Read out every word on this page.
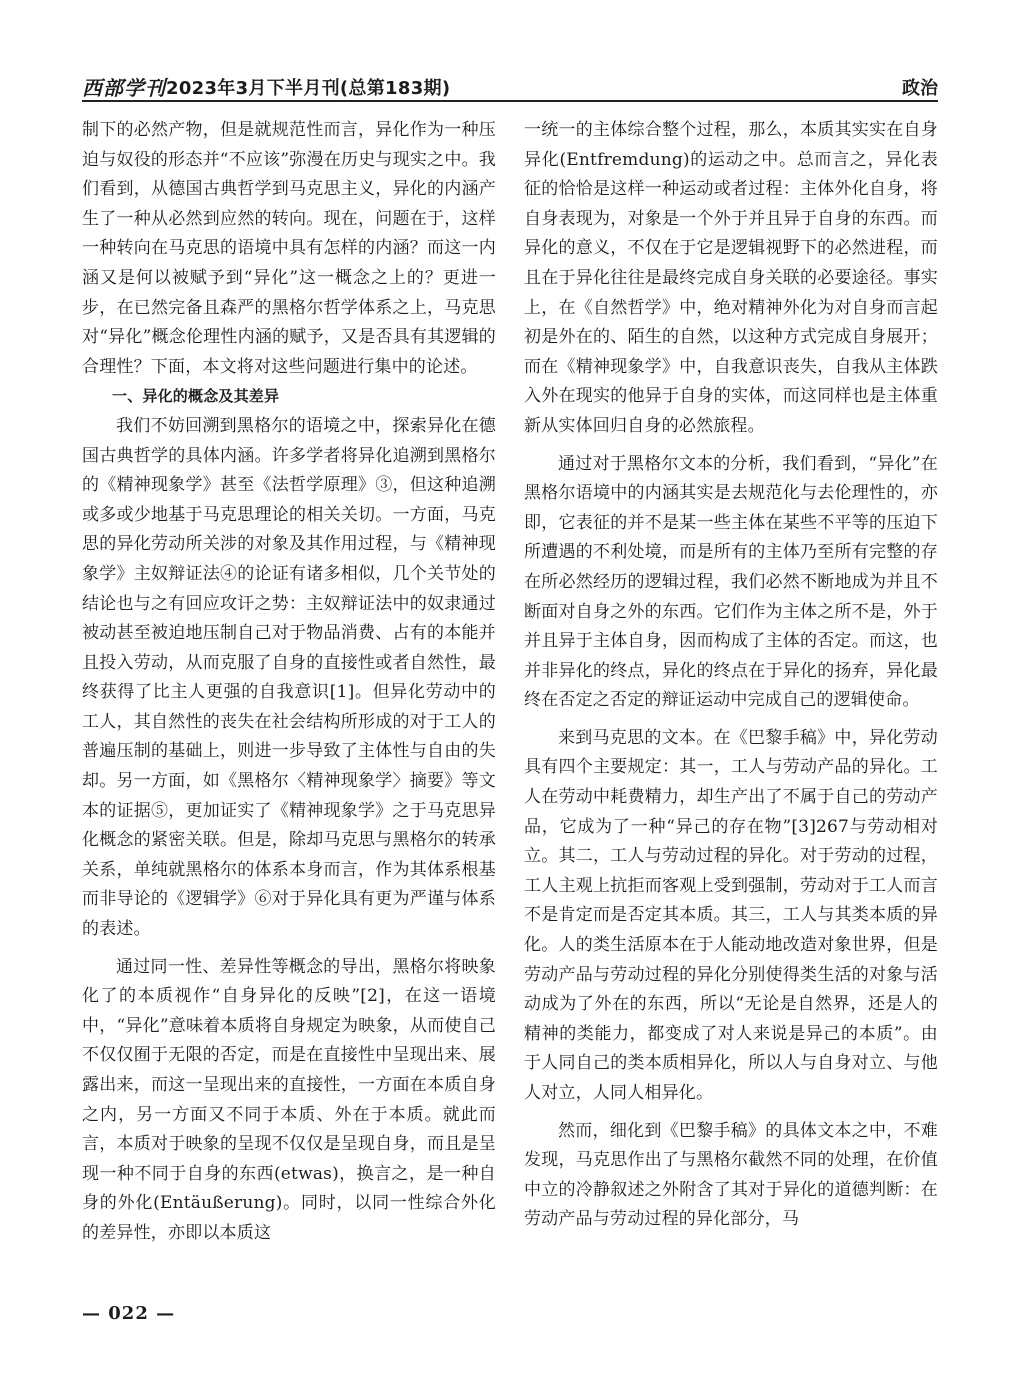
西部学刊 2023年3月下半月刊(总第183期)	政治

制下的必然产物，但是就规范性而言，异化作为一种压迫与奴役的形态并“不应该”弥漫在历史与现实之中。我们看到，从德国古典哲学到马克思主义，异化的内涵产生了一种从必然到应然的转向。现在，问题在于，这样一种转向在马克思的语境中具有怎样的内涵？而这一内涵又是何以被赋予到“异化”这一概念之上的？更进一步，在已然完备且森严的黑格尔哲学体系之上，马克思对“异化”概念伦理性内涵的赋予，又是否具有其逻辑的合理性？下面，本文将对这些问题进行集中的论述。

一、异化的概念及其差异

我们不妨回溯到黑格尔的语境之中，探索异化在德国古典哲学的具体内涵。许多学者将异化追溯到黑格尔的《精神现象学》甚至《法哲学原理》③，但这种追溯或多或少地基于马克思理论的相关关切。一方面，马克思的异化劳动所关涉的对象及其作用过程，与《精神现象学》主奴辩证法④的论证有诸多相似，几个关节处的结论也与之有回应攻讦之势：主奴辩证法中的奴隶通过被动甚至被迫地压制自己对于物品消费、占有的本能并且投入劳动，从而克服了自身的直接性或者自然性，最终获得了比主人更强的自我意识[1]。但异化劳动中的工人，其自然性的丧失在社会结构所形成的对于工人的普遍压制的基础上，则进一步导致了主体性与自由的失却。另一方面，如《黑格尔〈精神现象学〉摘要》等文本的证据⑤，更加证实了《精神现象学》之于马克思异化概念的紧密关联。但是，除却马克思与黑格尔的转承关系，单纯就黑格尔的体系本身而言，作为其体系根基而非导论的《逻辑学》⑥对于异化具有更为严谨与体系的表述。

通过同一性、差异性等概念的导出，黑格尔将映象化了的本质视作“自身异化的反映”[2]，在这一语境中，“异化”意味着本质将自身规定为映象，从而使自己不仅仅囿于无限的否定，而是在直接性中呈现出来、展露出来，而这一呈现出来的直接性，一方面在本质自身之内，另一方面又不同于本质、外在于本质。就此而言，本质对于映象的呈现不仅仅是呈现自身，而且是呈现一种不同于自身的东西(etwas)，换言之，是一种自身的外化(Entäußerung)。同时，以同一性综合外化的差异性，亦即以本质这

一统一的主体综合整个过程，那么，本质其实实在自身异化(Entfremdung)的运动之中。总而言之，异化表征的恰恰是这样一种运动或者过程：主体外化自身，将自身表现为，对象是一个外于并且异于自身的东西。而异化的意义，不仅在于它是逻辑视野下的必然进程，而且在于异化往往是最终完成自身关联的必要途径。事实上，在《自然哲学》中，绝对精神外化为对自身而言起初是外在的、陌生的自然，以这种方式完成自身展开；而在《精神现象学》中，自我意识丧失，自我从主体跌入外在现实的他异于自身的实体，而这同样也是主体重新从实体回归自身的必然旅程。

通过对于黑格尔文本的分析，我们看到，“异化”在黑格尔语境中的内涵其实是去规范化与去伦理性的，亦即，它表征的并不是某一些主体在某些不平等的压迫下所遭遇的不利处境，而是所有的主体乃至所有完整的存在所必然经历的逻辑过程，我们必然不断地成为并且不断面对自身之外的东西。它们作为主体之所不是，外于并且异于主体自身，因而构成了主体的否定。而这，也并非异化的终点，异化的终点在于异化的扬弃，异化最终在否定之否定的辩证运动中完成自己的逻辑使命。

来到马克思的文本。在《巴黎手稿》中，异化劳动具有四个主要规定：其一，工人与劳动产品的异化。工人在劳动中耗费精力，却生产出了不属于自己的劳动产品，它成为了一种“异己的存在物”[3]267与劳动相对立。其二，工人与劳动过程的异化。对于劳动的过程，工人主观上抗拒而客观上受到强制，劳动对于工人而言不是肯定而是否定其本质。其三，工人与其类本质的异化。人的类生活原本在于人能动地改造对象世界，但是劳动产品与劳动过程的异化分别使得类生活的对象与活动成为了外在的东西，所以“无论是自然界，还是人的精神的类能力，都变成了对人来说是异己的本质”。由于人同自己的类本质相异化，所以人与自身对立、与他人对立，人同人相异化。

然而，细化到《巴黎手稿》的具体文本之中，不难发现，马克思作出了与黑格尔截然不同的处理，在价值中立的冷静叙述之外附含了其对于异化的道德判断：在劳动产品与劳动过程的异化部分，马

— 022 —
